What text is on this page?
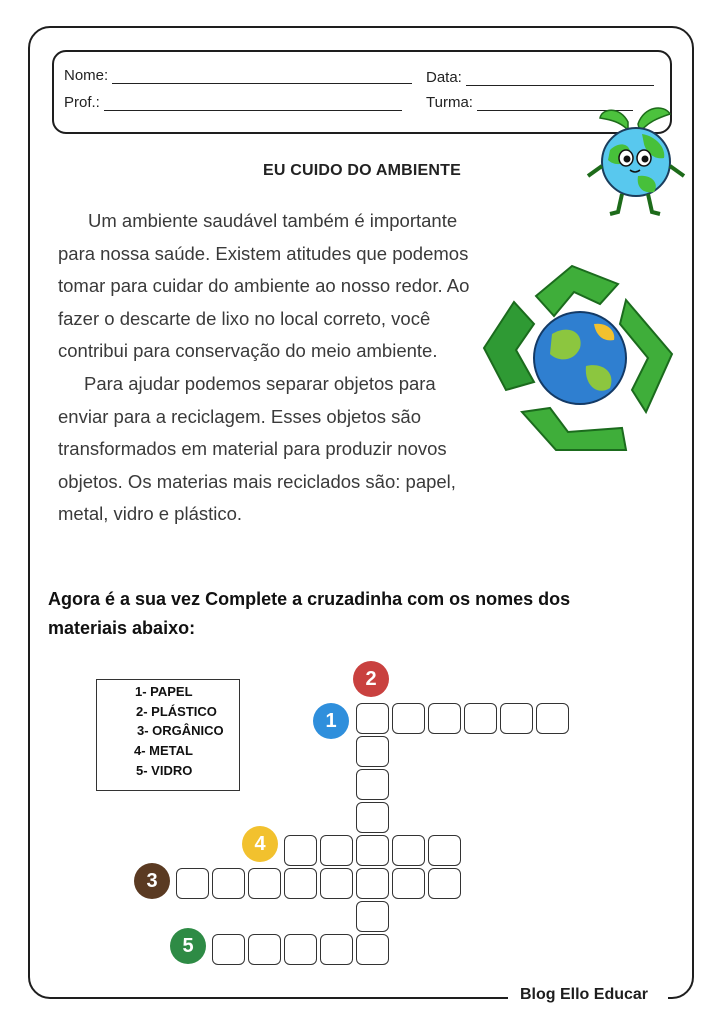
Blog Ello Educar
Nome:	Data:
Prof.:	Turma:
EU CUIDO DO AMBIENTE

Um ambiente saudável também é importante para nossa saúde. Existem atitudes que podemos tomar para cuidar do ambiente ao nosso redor. Ao fazer o descarte de lixo no local correto, você contribui para conservação do meio ambiente.

Para ajudar podemos separar objetos para enviar para a reciclagem. Esses objetos são transformados em material para produzir novos objetos. Os materias mais reciclados são: papel, metal, vidro e plástico.

Agora é a sua vez Complete a cruzadinha com os nomes dos materiais abaixo:
1- PAPEL
2- PLÁSTICO
3- ORGÂNICO
4- METAL
5- VIDRO
2
1
4
3
5
